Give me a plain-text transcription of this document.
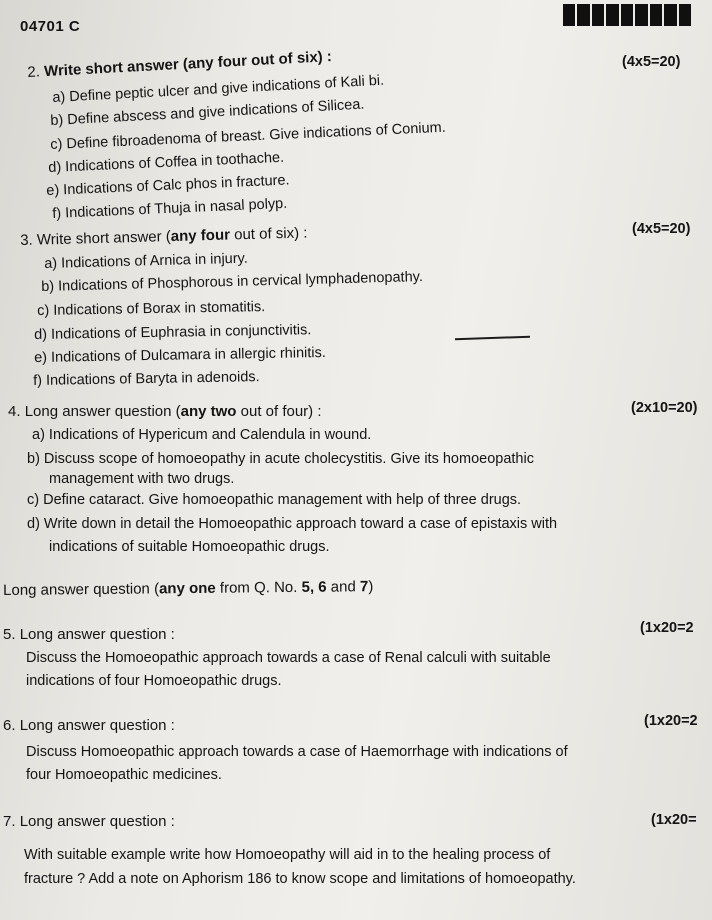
04701 C
2. Write short answer (any four out of six) :	(4x5=20)
a) Define peptic ulcer and give indications of Kali bi.
b) Define abscess and give indications of Silicea.
c) Define fibroadenoma of breast. Give indications of Conium.
d) Indications of Coffea in toothache.
e) Indications of Calc phos in fracture.
f) Indications of Thuja in nasal polyp.
3. Write short answer (any four out of six) :	(4x5=20)
a) Indications of Arnica in injury.
b) Indications of Phosphorous in cervical lymphadenopathy.
c) Indications of Borax in stomatitis.
d) Indications of Euphrasia in conjunctivitis.
e) Indications of Dulcamara in allergic rhinitis.
f) Indications of Baryta in adenoids.
4. Long answer question (any two out of four) :	(2x10=20)
a) Indications of Hypericum and Calendula in wound.
b) Discuss scope of homoeopathy in acute cholecystitis. Give its homoeopathic
management with two drugs.
c) Define cataract. Give homoeopathic management with help of three drugs.
d) Write down in detail the Homoeopathic approach toward a case of epistaxis with
indications of suitable Homoeopathic drugs.
Long answer question (any one from Q. No. 5, 6 and 7)
5. Long answer question :	(1x20=2
Discuss the Homoeopathic approach towards a case of Renal calculi with suitable
indications of four Homoeopathic drugs.
6. Long answer question :	(1x20=2
Discuss Homoeopathic approach towards a case of Haemorrhage with indications of
four Homoeopathic medicines.
7. Long answer question :	(1x20=
With suitable example write how Homoeopathy will aid in to the healing process of
fracture ? Add a note on Aphorism 186 to know scope and limitations of homoeopathy.
